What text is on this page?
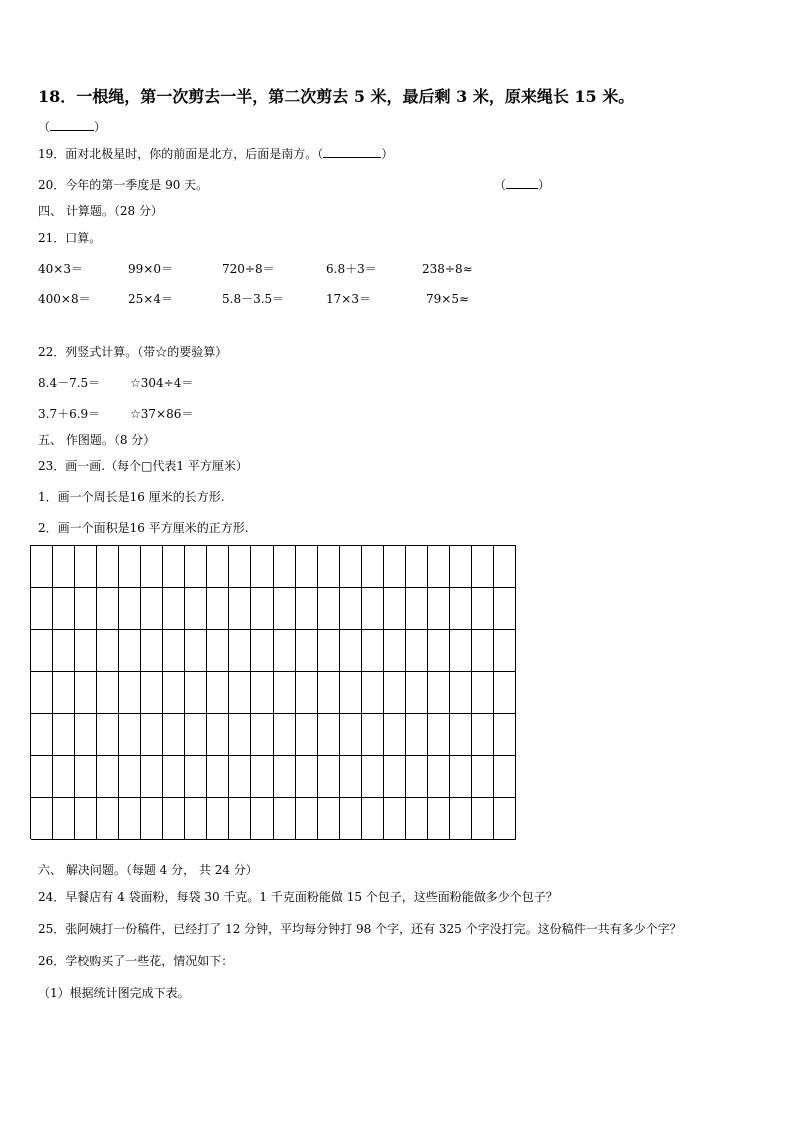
18．一根绳，第一次剪去一半，第二次剪去 5 米，最后剩 3 米，原来绳长 15 米。
（	）
19．面对北极星时，你的前面是北方，后面是南方。（	）
20．今年的第一季度是 90 天。	（	）
四、 计算题。（28 分）
21．口算。
40×3＝	99×0＝	720÷8＝	6.8＋3＝	238÷8≈
400×8＝	25×4＝	5.8－3.5＝	17×3＝	79×5≈
22．列竖式计算。（带☆的要验算）
8.4－7.5＝ ☆304÷4＝
3.7＋6.9＝ ☆37×86＝
五、 作图题。（8 分）
23．画一画.（每个□代表1 平方厘米）
1．画一个周长是16 厘米的长方形.
2．画一个面积是16 平方厘米的正方形.
六、 解决问题。（每题 4 分， 共 24 分）
24．早餐店有 4 袋面粉，每袋 30 千克。1 千克面粉能做 15 个包子，这些面粉能做多少个包子？
25．张阿姨打一份稿件，已经打了 12 分钟，平均每分钟打 98 个字，还有 325 个字没打完。这份稿件一共有多少个字？
26．学校购买了一些花，情况如下：
（1）根据统计图完成下表。
